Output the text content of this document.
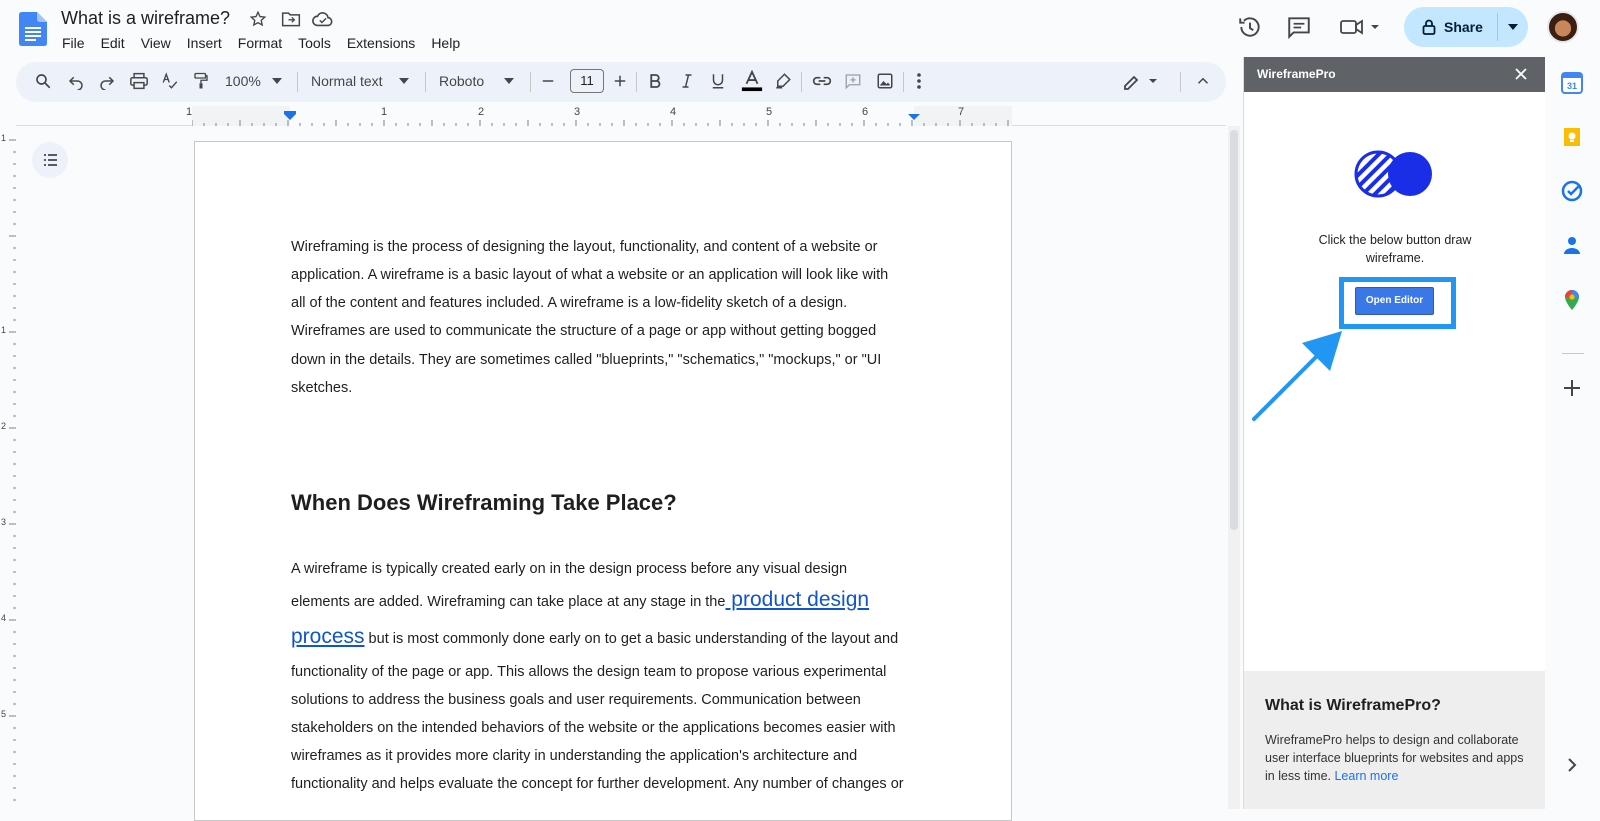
What is a wireframe?
File	Edit	View	Insert	Format	Tools	Extensions	Help
Share
100%	Normal text	Roboto	11
1	1	2	3	4	5	6	7
1
1
2
3
4
5
Wireframing is the process of designing the layout, functionality, and content of a website or
application. A wireframe is a basic layout of what a website or an application will look like with
all of the content and features included. A wireframe is a low-fidelity sketch of a design.
Wireframes are used to communicate the structure of a page or app without getting bogged
down in the details. They are sometimes called "blueprints," "schematics," "mockups," or "UI
sketches.
When Does Wireframing Take Place?
A wireframe is typically created early on in the design process before any visual design
elements are added. Wireframing can take place at any stage in the product design
process but is most commonly done early on to get a basic understanding of the layout and
functionality of the page or app. This allows the design team to propose various experimental
solutions to address the business goals and user requirements. Communication between
stakeholders on the intended behaviors of the website or the applications becomes easier with
wireframes as it provides more clarity in understanding the application's architecture and
functionality and helps evaluate the concept for further development. Any number of changes or
WireframePro
Click the below button draw wireframe.
Open Editor
What is WireframePro?
WireframePro helps to design and collaborate user interface blueprints for websites and apps in less time. Learn more
31
